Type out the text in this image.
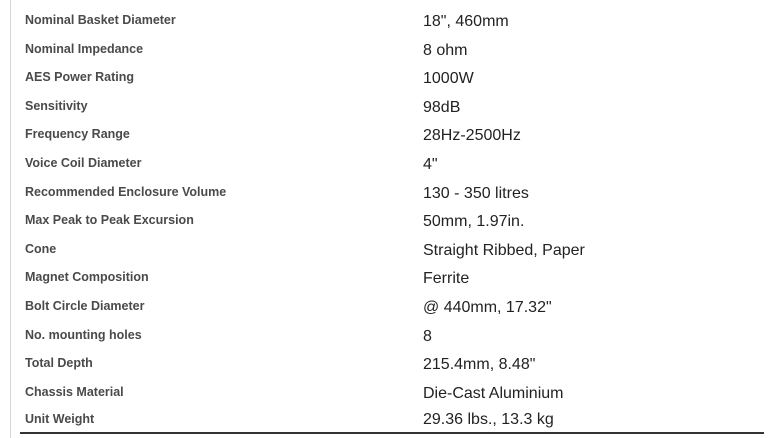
Nominal Basket Diameter	18", 460mm
Nominal Impedance	8 ohm
AES Power Rating	1000W
Sensitivity	98dB
Frequency Range	28Hz-2500Hz
Voice Coil Diameter	4"
Recommended Enclosure Volume	130 - 350 litres
Max Peak to Peak Excursion	50mm, 1.97in.
Cone	Straight Ribbed, Paper
Magnet Composition	Ferrite
Bolt Circle Diameter	@ 440mm, 17.32"
No. mounting holes	8
Total Depth	215.4mm, 8.48"
Chassis Material	Die-Cast Aluminium
Unit Weight	29.36 lbs., 13.3 kg
